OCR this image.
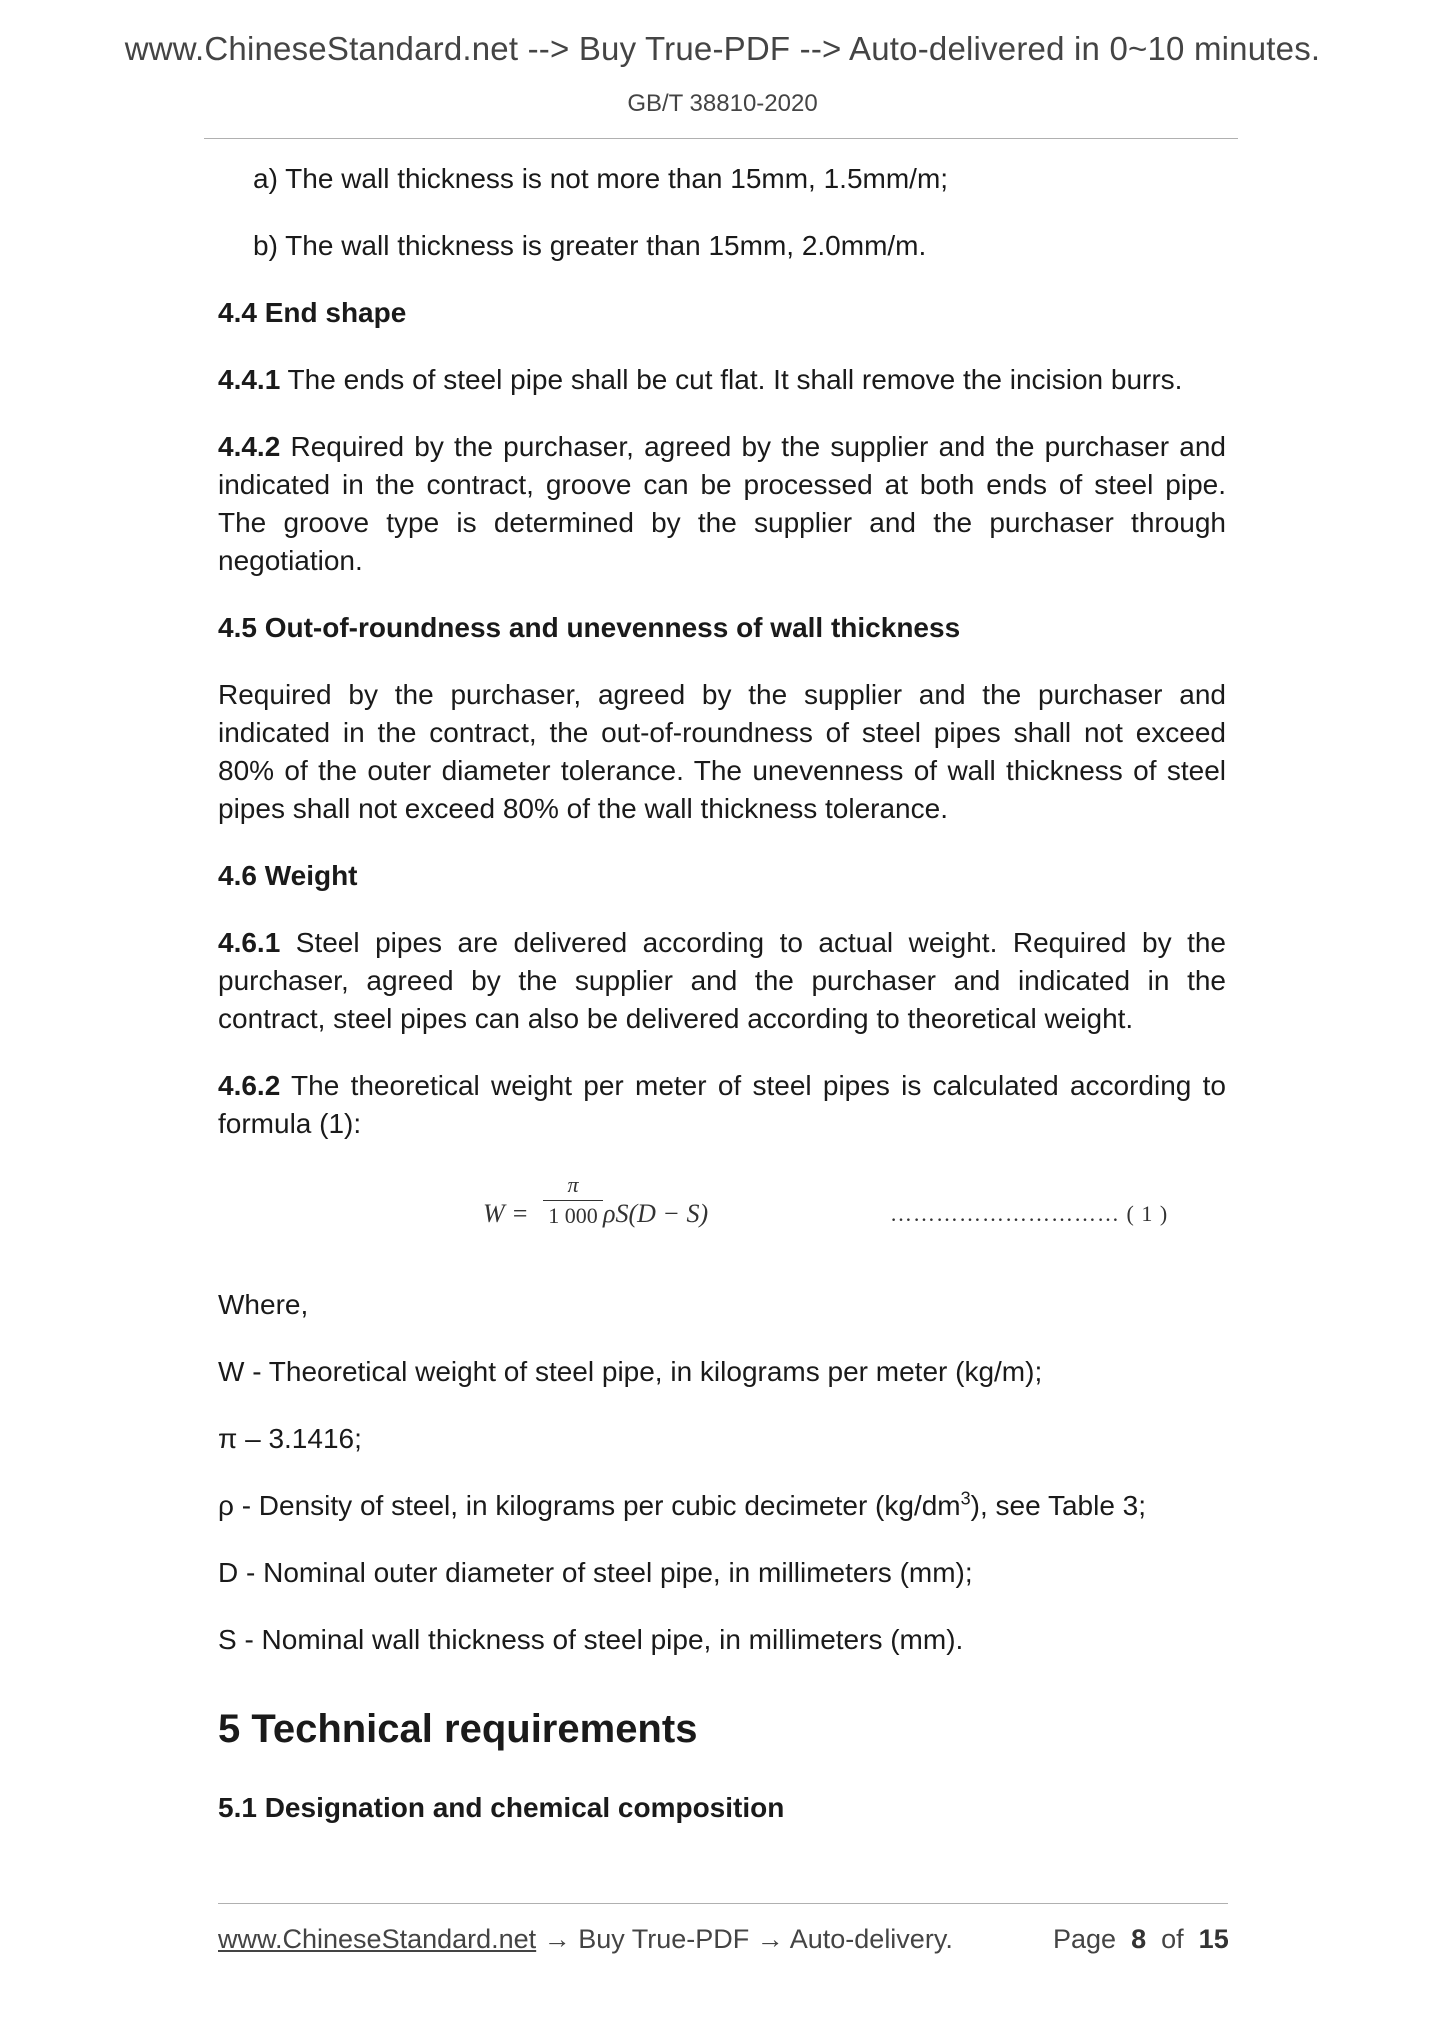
www.ChineseStandard.net --> Buy True-PDF --> Auto-delivered in 0~10 minutes.
GB/T 38810-2020

a) The wall thickness is not more than 15mm, 1.5mm/m;

b) The wall thickness is greater than 15mm, 2.0mm/m.

4.4 End shape

4.4.1 The ends of steel pipe shall be cut flat. It shall remove the incision burrs.

4.4.2 Required by the purchaser, agreed by the supplier and the purchaser and indicated in the contract, groove can be processed at both ends of steel pipe. The groove type is determined by the supplier and the purchaser through negotiation.

4.5 Out-of-roundness and unevenness of wall thickness

Required by the purchaser, agreed by the supplier and the purchaser and indicated in the contract, the out-of-roundness of steel pipes shall not exceed 80% of the outer diameter tolerance. The unevenness of wall thickness of steel pipes shall not exceed 80% of the wall thickness tolerance.

4.6 Weight

4.6.1 Steel pipes are delivered according to actual weight. Required by the purchaser, agreed by the supplier and the purchaser and indicated in the contract, steel pipes can also be delivered according to theoretical weight.

4.6.2 The theoretical weight per meter of steel pipes is calculated according to formula (1):

W =
π
1 000 ρS(D − S)	………………………… ( 1 )

Where,

W - Theoretical weight of steel pipe, in kilograms per meter (kg/m);

π – 3.1416;

ρ - Density of steel, in kilograms per cubic decimeter $(kg/dm^3)$, see Table 3;

D - Nominal outer diameter of steel pipe, in millimeters (mm);

S - Nominal wall thickness of steel pipe, in millimeters (mm).

5 Technical requirements

5.1 Designation and chemical composition

www.ChineseStandard.net → Buy True-PDF → Auto-delivery.	Page 8 of 15
